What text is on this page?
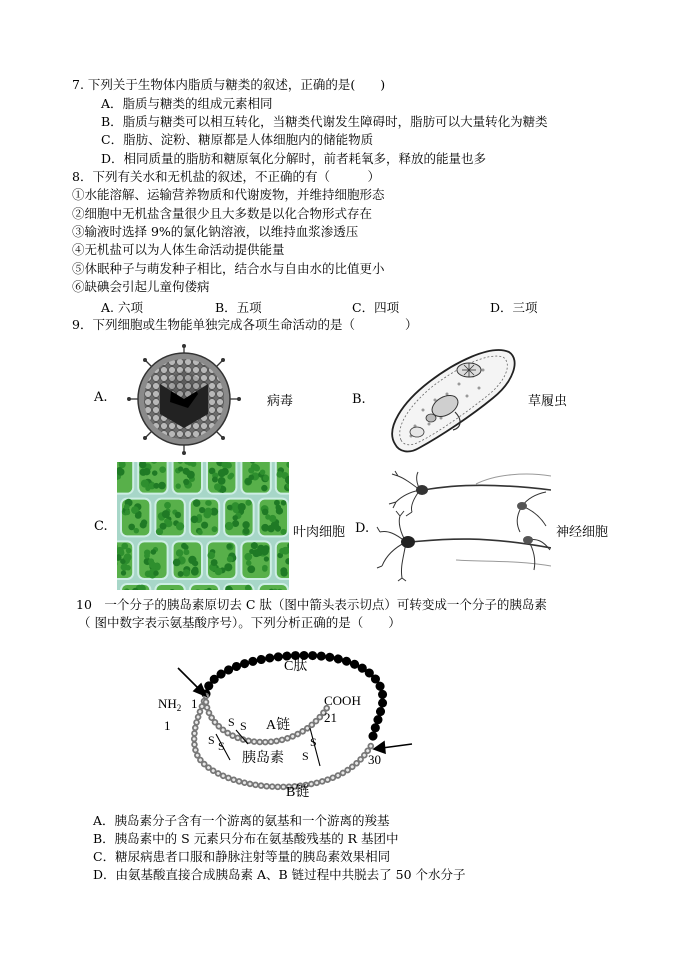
7. 下列关于生物体内脂质与糖类的叙述，正确的是(　　)
A．脂质与糖类的组成元素相同
B．脂质与糖类可以相互转化，当糖类代谢发生障碍时，脂肪可以大量转化为糖类
C．脂肪、淀粉、糖原都是人体细胞内的储能物质
D．相同质量的脂肪和糖原氧化分解时，前者耗氧多，释放的能量也多
8．下列有关水和无机盐的叙述，不正确的有（　　　）
①水能溶解、运输营养物质和代谢废物，并维持细胞形态
②细胞中无机盐含量很少且大多数是以化合物形式存在
③输液时选择 9%的氯化钠溶液，以维持血浆渗透压
④无机盐可以为人体生命活动提供能量
⑤休眠种子与萌发种子相比，结合水与自由水的比值更小
⑥缺碘会引起儿童佝偻病
A. 六项	B．五项	C．四项	D．三项
9．下列细胞或生物能单独完成各项生命活动的是（　　　　）
A.	病毒	B.	草履虫
C.	叶肉细胞 D.	神经细胞
10　一个分子的胰岛素原切去 C 肽（图中箭头表示切点）可转变成一个分子的胰岛素
（ 图中数字表示氨基酸序号）。下列分析正确的是（　　）
C肽
COOH
$NH_2$ 1
1
21
30
A链
胰岛素
B链
S S
S S	S
S
A．胰岛素分子含有一个游离的氨基和一个游离的羧基
B．胰岛素中的 S 元素只分布在氨基酸残基的 R 基团中
C．糖尿病患者口服和静脉注射等量的胰岛素效果相同
D．由氨基酸直接合成胰岛素 A、B 链过程中共脱去了 50 个水分子
